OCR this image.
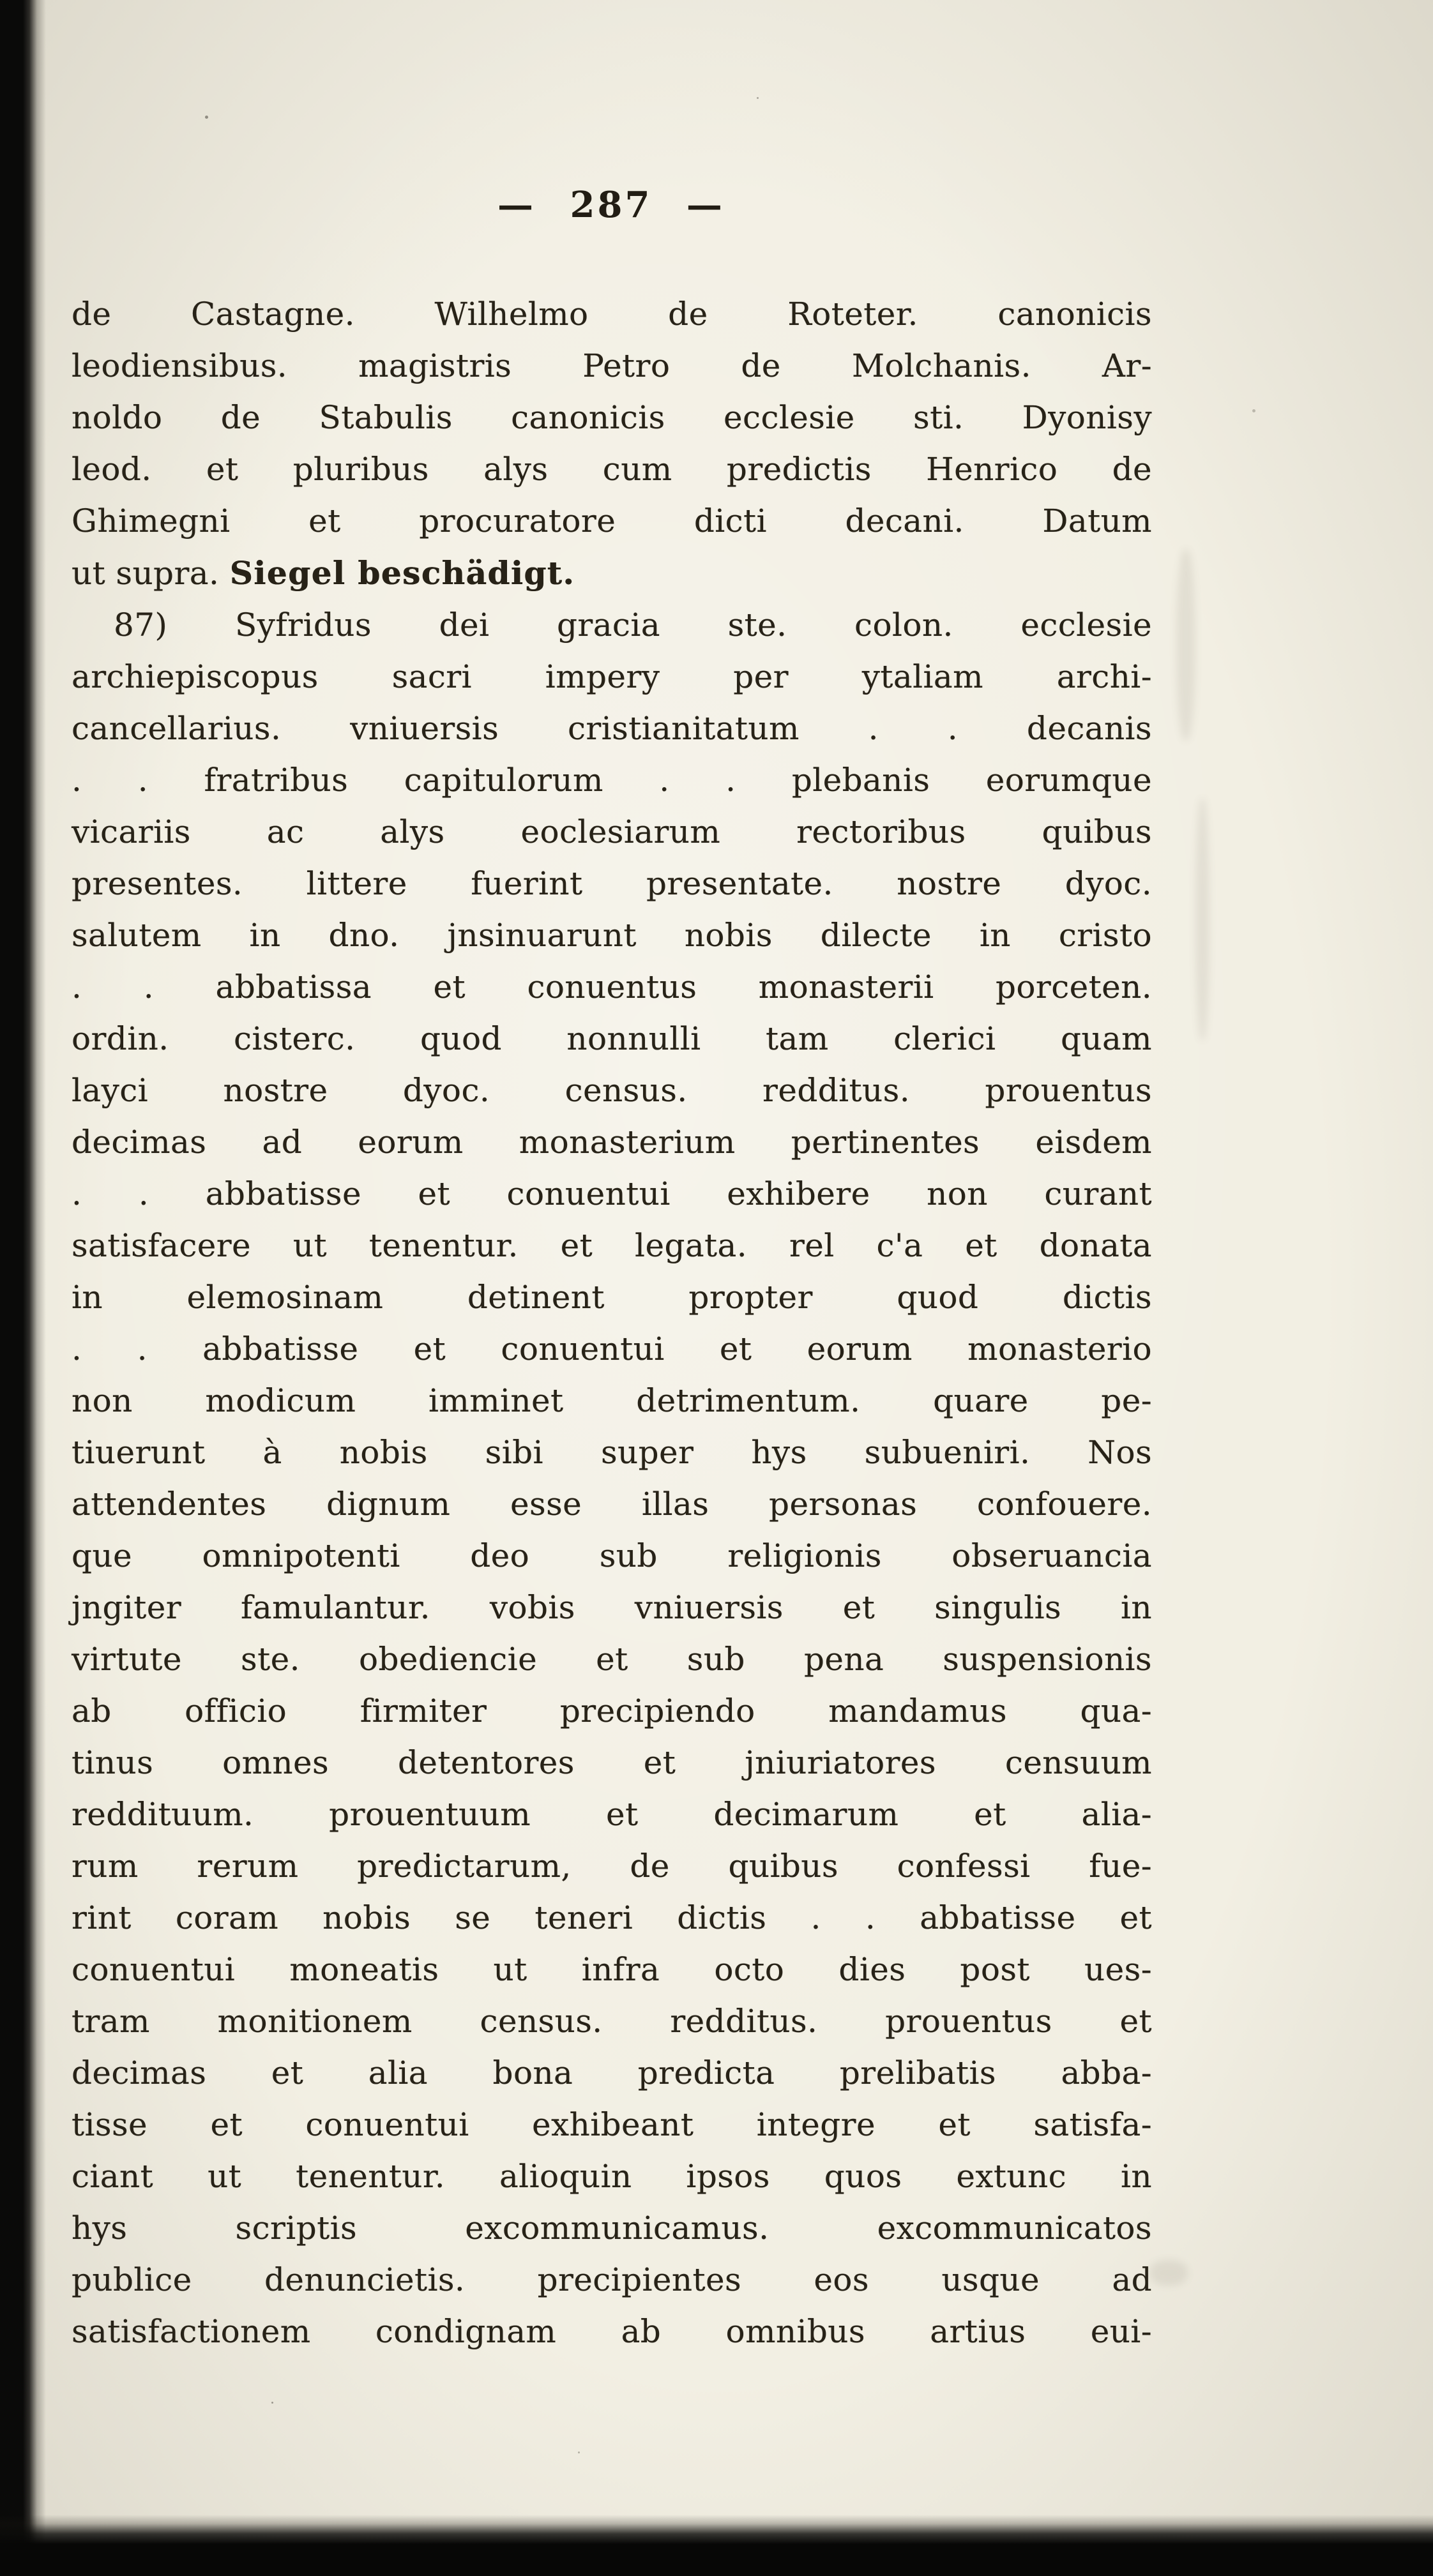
— 287 —
de Castagne. Wilhelmo de Roteter. canonicis
leodiensibus. magistris Petro de Molchanis. Ar-
noldo de Stabulis canonicis ecclesie sti. Dyonisy
leod. et pluribus alys cum predictis Henrico de
Ghimegni et procuratore dicti decani. Datum
ut supra. Siegel beschädigt.
87) Syfridus dei gracia ste. colon. ecclesie
archiepiscopus sacri impery per ytaliam archi-
cancellarius. vniuersis cristianitatum . . decanis
. . fratribus capitulorum . . plebanis eorumque
vicariis ac alys eoclesiarum rectoribus quibus
presentes. littere fuerint presentate. nostre dyoc.
salutem in dno. jnsinuarunt nobis dilecte in cristo
. . abbatissa et conuentus monasterii porceten.
ordin. cisterc. quod nonnulli tam clerici quam
layci nostre dyoc. census. redditus. prouentus
decimas ad eorum monasterium pertinentes eisdem
. . abbatisse et conuentui exhibere non curant
satisfacere ut tenentur. et legata. rel c'a et donata
in elemosinam detinent propter quod dictis
. . abbatisse et conuentui et eorum monasterio
non modicum imminet detrimentum. quare pe-
tiuerunt à nobis sibi super hys subueniri. Nos
attendentes dignum esse illas personas confouere.
que omnipotenti deo sub religionis obseruancia
jngiter famulantur. vobis vniuersis et singulis in
virtute ste. obediencie et sub pena suspensionis
ab officio firmiter precipiendo mandamus qua-
tinus omnes detentores et jniuriatores censuum
reddituum. prouentuum et decimarum et alia-
rum rerum predictarum, de quibus confessi fue-
rint coram nobis se teneri dictis . . abbatisse et
conuentui moneatis ut infra octo dies post ues-
tram monitionem census. redditus. prouentus et
decimas et alia bona predicta prelibatis abba-
tisse et conuentui exhibeant integre et satisfa-
ciant ut tenentur. alioquin ipsos quos extunc in
hys scriptis excommunicamus. excommunicatos
publice denuncietis. precipientes eos usque ad
satisfactionem condignam ab omnibus artius eui-
